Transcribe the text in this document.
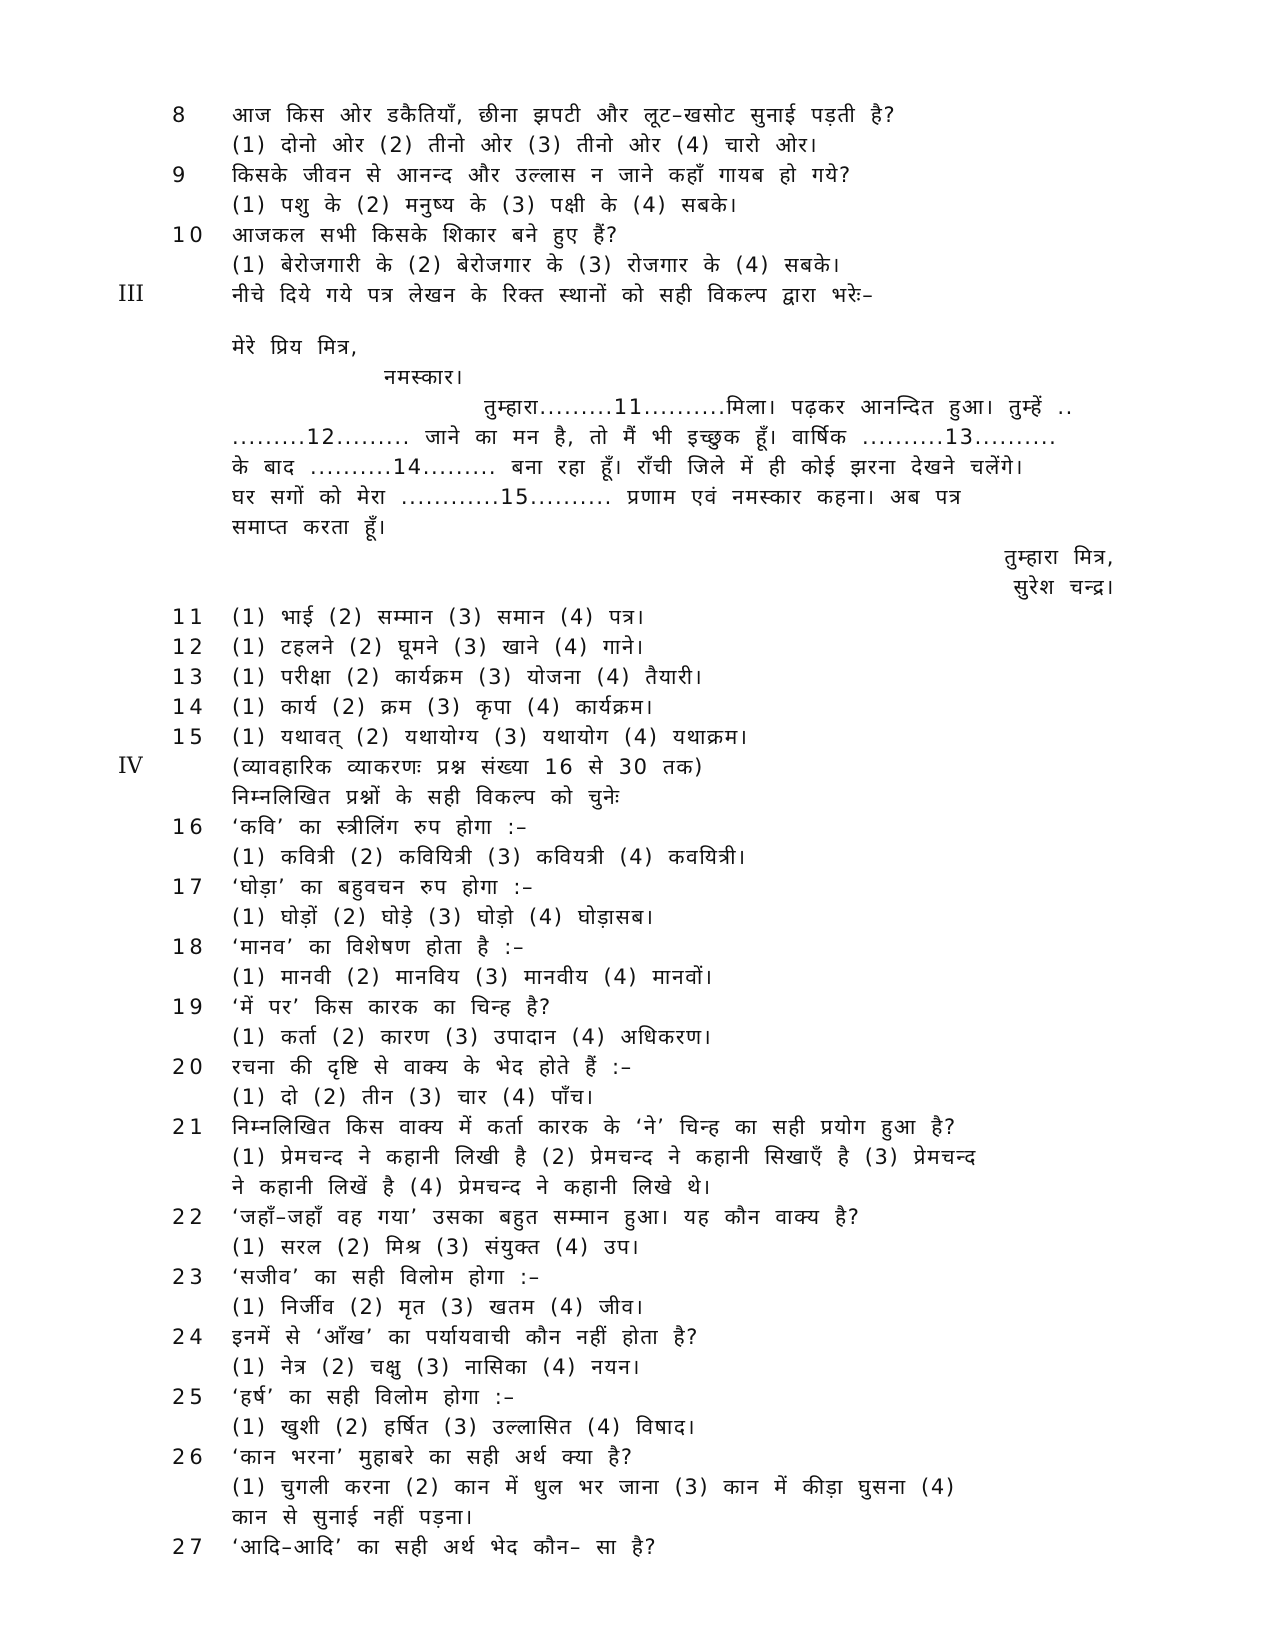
8 आज किस ओर डकैतियाँ, छीना झपटी और लूट–खसोट सुनाई पड़ती है?
(1) दोनो ओर (2) तीनो ओर (3) तीनो ओर (4) चारो ओर।
9 किसके जीवन से आनन्द और उल्लास न जाने कहाँ गायब हो गये?
(1) पशु के (2) मनुष्य के (3) पक्षी के (4) सबके।
10 आजकल सभी किसके शिकार बने हुए हैं?
(1) बेरोजगारी के (2) बेरोजगार के (3) रोजगार के (4) सबके।
III	नीचे दिये गये पत्र लेखन के रिक्त स्थानों को सही विकल्प द्वारा भरेः–
मेरे प्रिय मित्र,
नमस्कार।
तुम्हारा.........11..........मिला। पढ़कर आनन्दित हुआ। तुम्हें ..
.........12......... जाने का मन है, तो मैं भी इच्छुक हूँ। वार्षिक ..........13..........
के बाद ..........14......... बना रहा हूँ। राँची जिले में ही कोई झरना देखने चलेंगे।
घर सगों को मेरा ............15.......... प्रणाम एवं नमस्कार कहना। अब पत्र
समाप्त करता हूँ।
तुम्हारा मित्र,
सुरेश चन्द्र।
11 (1) भाई (2) सम्मान (3) समान (4) पत्र।
12 (1) टहलने (2) घूमने (3) खाने (4) गाने।
13 (1) परीक्षा (2) कार्यक्रम (3) योजना (4) तैयारी।
14 (1) कार्य (2) क्रम (3) कृपा (4) कार्यक्रम।
15 (1) यथावत् (2) यथायोग्य (3) यथायोग (4) यथाक्रम।
IV	(व्यावहारिक व्याकरणः प्रश्न संख्या 16 से 30 तक)
निम्नलिखित प्रश्नों के सही विकल्प को चुनेः
16 ‘कवि’ का स्त्रीलिंग रुप होगा :–
(1) कवित्री (2) कवियित्री (3) कवियत्री (4) कवयित्री।
17 ‘घोड़ा’ का बहुवचन रुप होगा :–
(1) घोड़ों (2) घोड़े (3) घोड़ो (4) घोड़ासब।
18 ‘मानव’ का विशेषण होता है :–
(1) मानवी (2) मानविय (3) मानवीय (4) मानवों।
19 ‘में पर’ किस कारक का चिन्ह है?
(1) कर्ता (2) कारण (3) उपादान (4) अधिकरण।
20 रचना की दृष्टि से वाक्य के भेद होते हैं :–
(1) दो (2) तीन (3) चार (4) पाँच।
21 निम्नलिखित किस वाक्य में कर्ता कारक के ‘ने’ चिन्ह का सही प्रयोग हुआ है?
(1) प्रेमचन्द ने कहानी लिखी है (2) प्रेमचन्द ने कहानी सिखाएँ है (3) प्रेमचन्द
ने कहानी लिखें है (4) प्रेमचन्द ने कहानी लिखे थे।
22 ‘जहाँ–जहाँ वह गया’ उसका बहुत सम्मान हुआ। यह कौन वाक्य है?
(1) सरल (2) मिश्र (3) संयुक्त (4) उप।
23 ‘सजीव’ का सही विलोम होगा :–
(1) निर्जीव (2) मृत (3) खतम (4) जीव।
24 इनमें से ‘आँख’ का पर्यायवाची कौन नहीं होता है?
(1) नेत्र (2) चक्षु (3) नासिका (4) नयन।
25 ‘हर्ष’ का सही विलोम होगा :–
(1) खुशी (2) हर्षित (3) उल्लासित (4) विषाद।
26 ‘कान भरना’ मुहाबरे का सही अर्थ क्या है?
(1) चुगली करना (2) कान में धुल भर जाना (3) कान में कीड़ा घुसना (4)
कान से सुनाई नहीं पड़ना।
27 ‘आदि–आदि’ का सही अर्थ भेद कौन– सा है?
